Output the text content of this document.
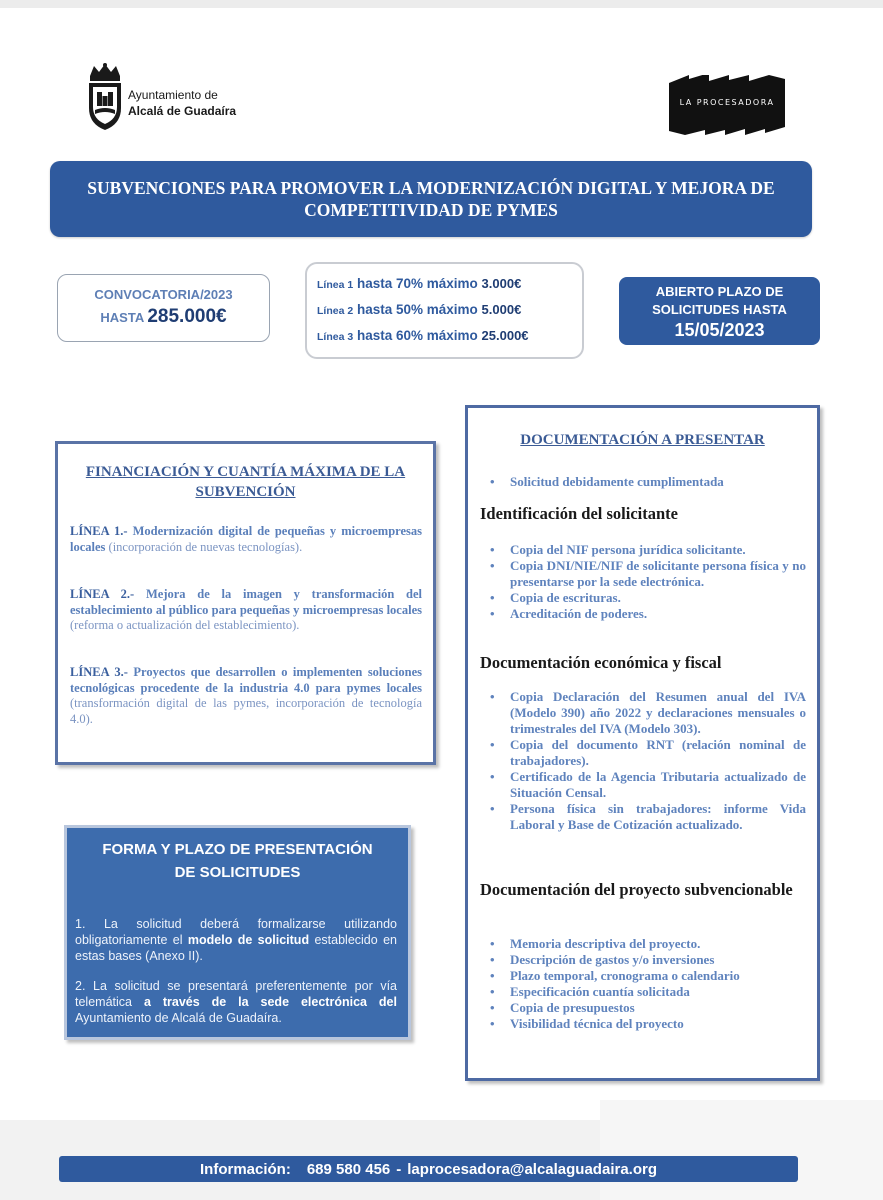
Ayuntamiento de
Alcalá de Guadaíra
LA PROCESADORA
SUBVENCIONES PARA PROMOVER LA MODERNIZACIÓN DIGITAL Y MEJORA DE COMPETITIVIDAD DE PYMES
CONVOCATORIA/2023
HASTA 285.000€
Línea 1 hasta 70% máximo 3.000€
Línea 2 hasta 50% máximo 5.000€
Línea 3 hasta 60% máximo 25.000€
ABIERTO PLAZO DE
SOLICITUDES HASTA
15/05/2023
FINANCIACIÓN Y CUANTÍA MÁXIMA DE LA SUBVENCIÓN
LÍNEA 1.- Modernización digital de pequeñas y microempresas locales (incorporación de nuevas tecnologías).
LÍNEA 2.- Mejora de la imagen y transformación del establecimiento al público para pequeñas y microempresas locales (reforma o actualización del establecimiento).
LÍNEA 3.- Proyectos que desarrollen o implementen soluciones tecnológicas procedente de la industria 4.0 para pymes locales (transformación digital de las pymes, incorporación de tecnología 4.0).
FORMA Y PLAZO DE PRESENTACIÓN
DE SOLICITUDES
1. La solicitud deberá formalizarse utilizando obligatoriamente el modelo de solicitud establecido en estas bases (Anexo II).
2. La solicitud se presentará preferentemente por vía telemática a través de la sede electrónica del Ayuntamiento de Alcalá de Guadaíra.
DOCUMENTACIÓN A PRESENTAR
• Solicitud debidamente cumplimentada
Identificación del solicitante
• Copia del NIF persona jurídica solicitante.
• Copia DNI/NIE/NIF de solicitante persona física y no presentarse por la sede electrónica.
• Copia de escrituras.
• Acreditación de poderes.
Documentación económica y fiscal
• Copia Declaración del Resumen anual del IVA (Modelo 390) año 2022 y declaraciones mensuales o trimestrales del IVA (Modelo 303).
• Copia del documento RNT (relación nominal de trabajadores).
• Certificado de la Agencia Tributaria actualizado de Situación Censal.
• Persona física sin trabajadores: informe Vida Laboral y Base de Cotización actualizado.
Documentación del proyecto subvencionable
• Memoria descriptiva del proyecto.
• Descripción de gastos y/o inversiones
• Plazo temporal, cronograma o calendario
• Especificación cuantía solicitada
• Copia de presupuestos
• Visibilidad técnica del proyecto
Información: 689 580 456 - laprocesadora@alcalaguadaira.org
